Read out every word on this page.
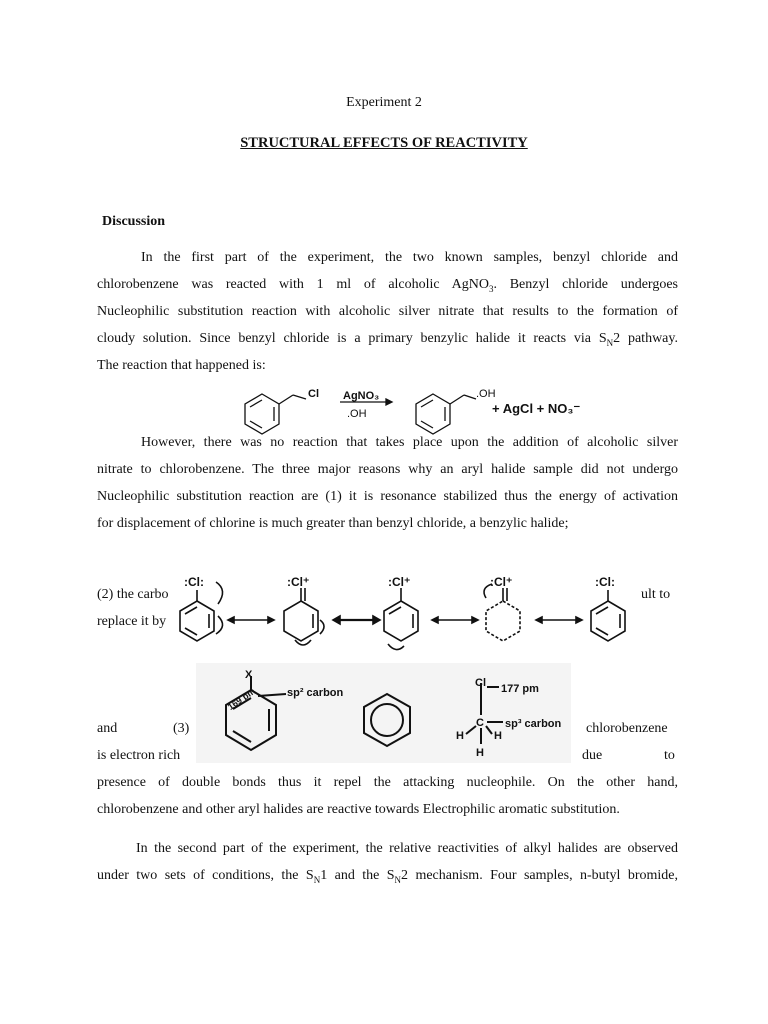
Experiment 2
STRUCTURAL EFFECTS OF REACTIVITY
Discussion
In the first part of the experiment, the two known samples, benzyl chloride and
chlorobenzene was reacted with 1 ml of alcoholic AgNO$_3$. Benzyl chloride undergoes
Nucleophilic substitution reaction with alcoholic silver nitrate that results to the formation of
cloudy solution. Since benzyl chloride is a primary benzylic halide it reacts via $S_N2$ pathway.
The reaction that happened is:
Cl AgNO₃
.OH
.OH
+ AgCl + NO₃⁻
However, there was no reaction that takes place upon the addition of alcoholic silver
nitrate to chlorobenzene. The three major reasons why an aryl halide sample did not undergo
Nucleophilic substitution reaction are (1) it is resonance stabilized thus the energy of activation
for displacement of chlorine is much greater than benzyl chloride, a benzylic halide;
(2) the carbo	ult to
replace it by
:Cl:	:Cl⁺	:Cl⁺	:Cl⁺	:Cl:
X
169 pm	sp² carbon
Cl 177 pm
C sp³ carbon
H	H
H
and	(3)	chlorobenzene
is electron rich	due	to
presence of double bonds thus it repel the attacking nucleophile. On the other hand,
chlorobenzene and other aryl halides are reactive towards Electrophilic aromatic substitution.
In the second part of the experiment, the relative reactivities of alkyl halides are observed
under two sets of conditions, the $S_N1$ and the $S_N2$ mechanism. Four samples, n-butyl bromide,
